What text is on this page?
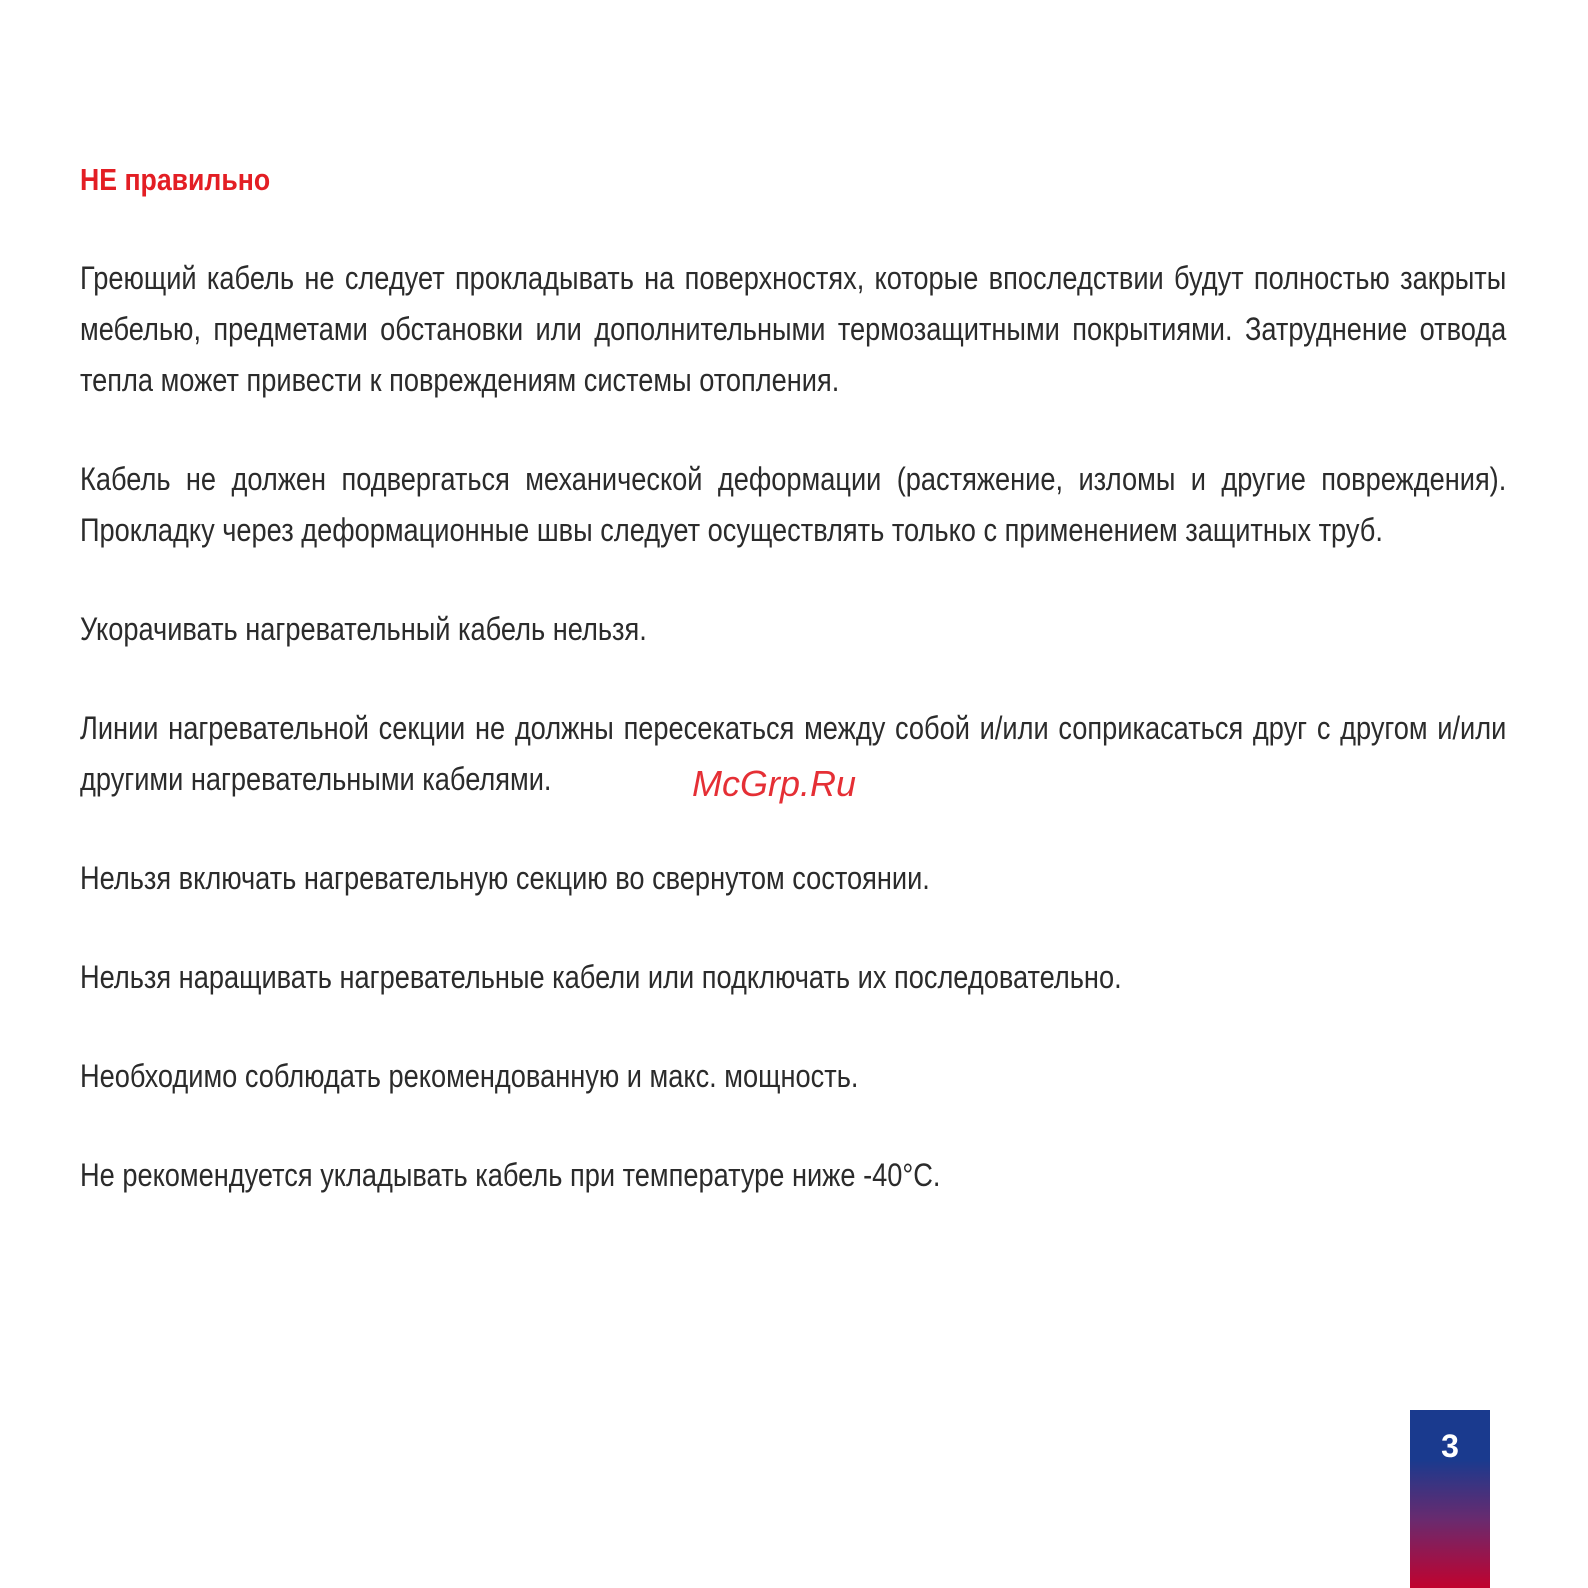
НЕ правильно

Греющий кабель не следует прокладывать на поверхностях, которые впоследствии будут полностью закрыты мебелью, предметами обстановки или дополнительными термозащитными покрытиями. Затруднение отвода тепла может привести к повреждениям системы отопления.

Кабель не должен подвергаться механической деформации (растяжение, изломы и другие повреждения). Прокладку через деформационные швы следует осуществлять только с применением защитных труб.

Укорачивать нагревательный кабель нельзя.

Линии нагревательной секции не должны пересекаться между собой и/или соприкасаться друг с другом и/или другими нагревательными кабелями.

Нельзя включать нагревательную секцию во свернутом состоянии.

Нельзя наращивать нагревательные кабели или подключать их последовательно.

Необходимо соблюдать рекомендованную и макс. мощность.

Не рекомендуется укладывать кабель при температуре ниже -40°С.

McGrp.Ru
3
